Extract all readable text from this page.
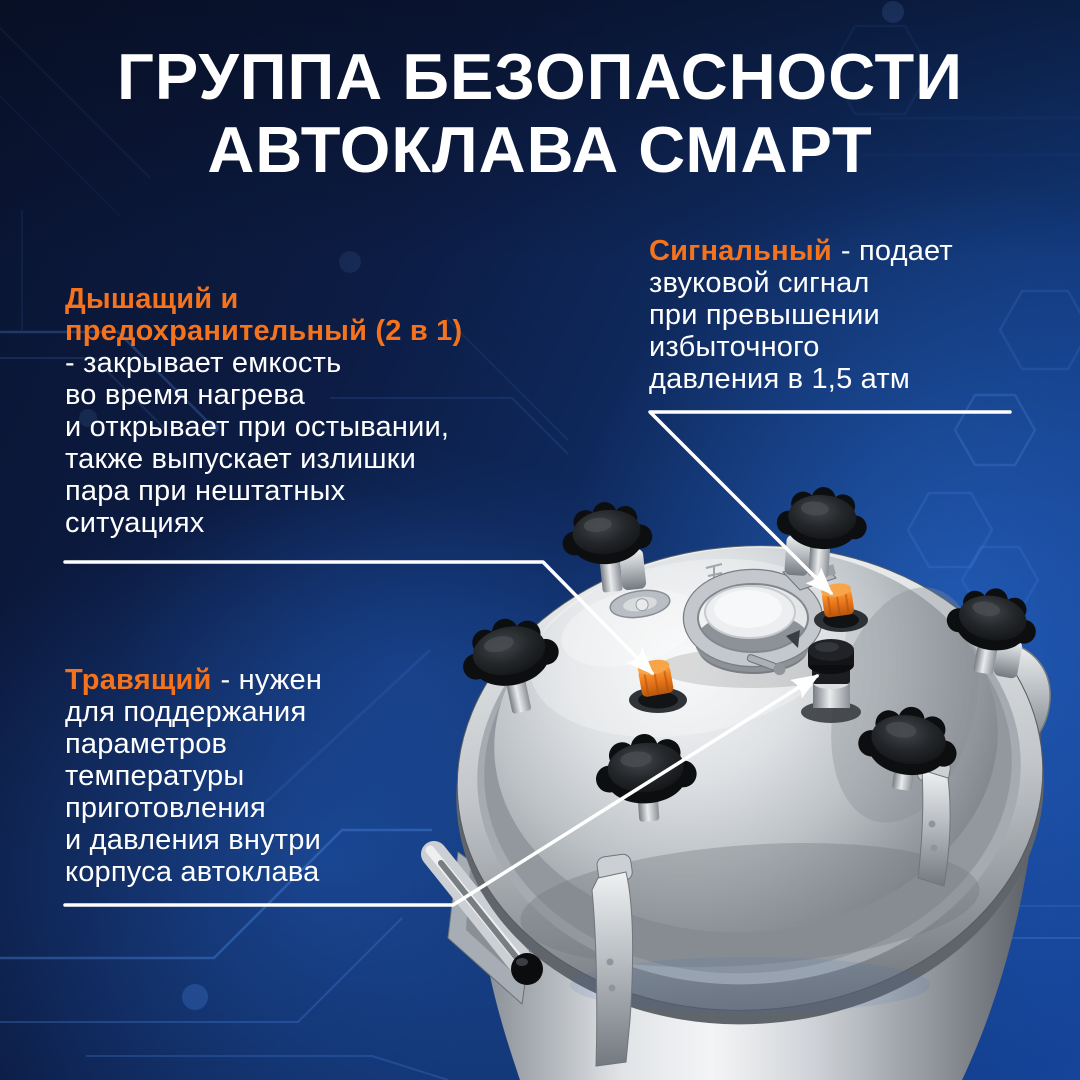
ГРУППА БЕЗОПАСНОСТИ
АВТОКЛАВА СМАРТ
Дышащий и
предохранительный (2 в 1)
- закрывает емкость
во время нагрева
и открывает при остывании,
также выпускает излишки
пара при нештатных
ситуациях
Сигнальный - подает
звуковой сигнал
при превышении
избыточного
давления в 1,5 атм
Травящий - нужен
для поддержания
параметров
температуры
приготовления
и давления внутри
корпуса автоклава
